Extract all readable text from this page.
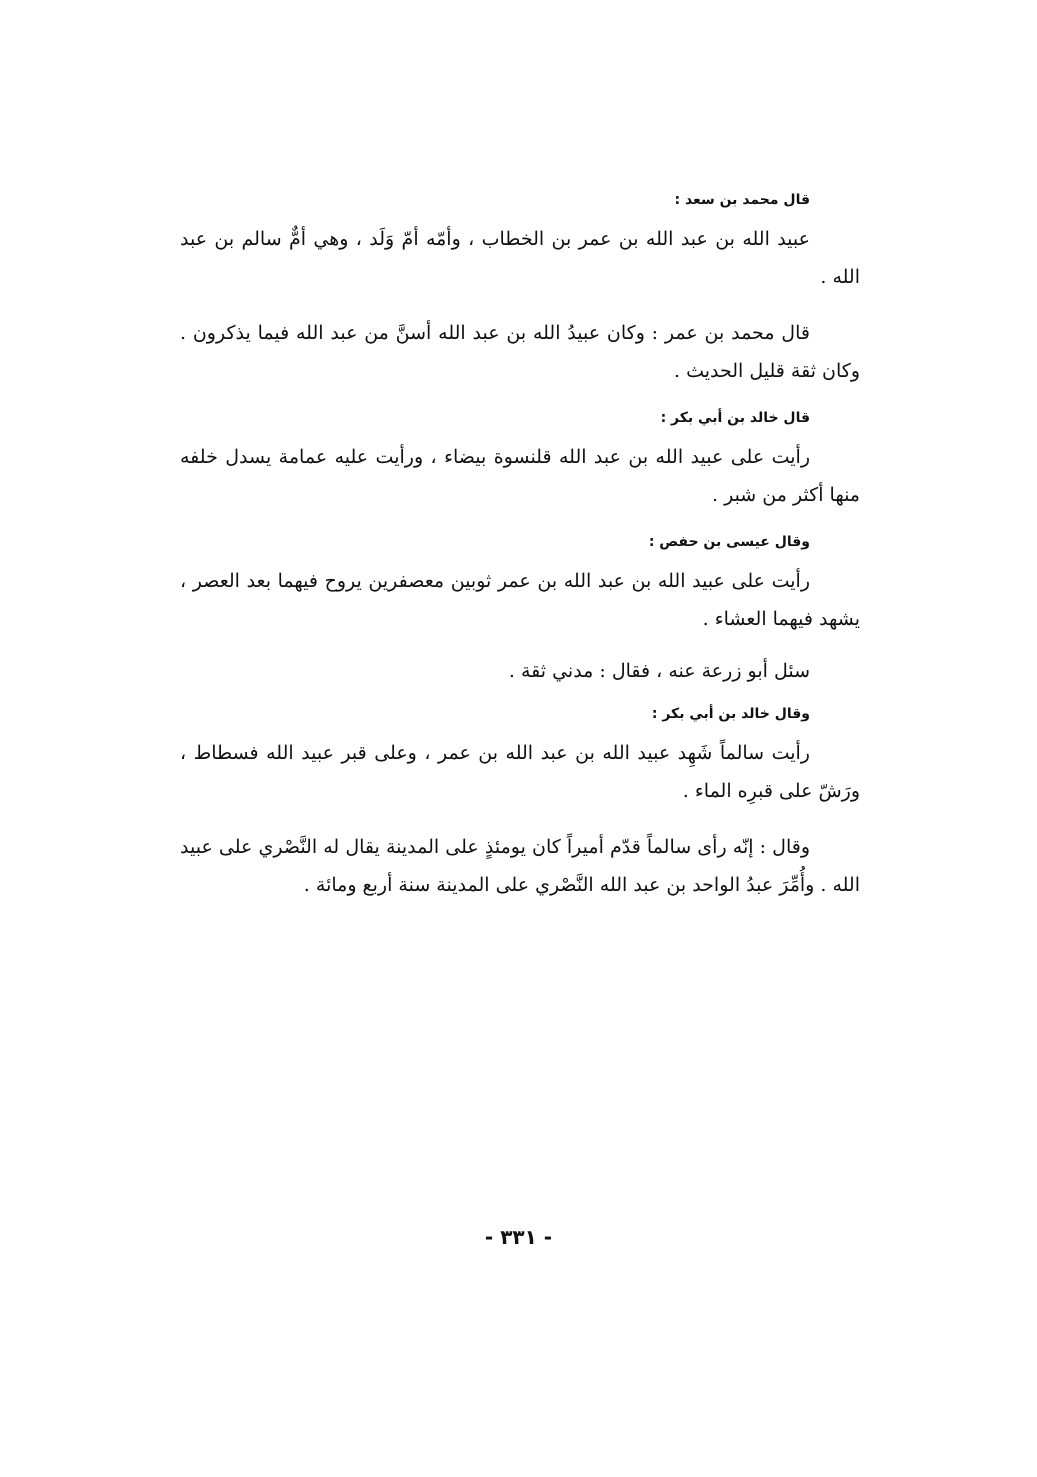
قال محمد بن سعد :

عبيد الله بن عبد الله بن عمر بن الخطاب ، وأمّه أمّ وَلَد ، وهي أمٌّ سالم بن عبد الله .

قال محمد بن عمر : وكان عبيدُ الله بن عبد الله أسنَّ من عبد الله فيما يذكرون . وكان ثقة قليل الحديث .

قال خالد بن أبي بكر :

رأيت على عبيد الله بن عبد الله قلنسوة بيضاء ، ورأيت عليه عمامة يسدل خلفه منها أكثر من شبر .

وقال عيسى بن حفص :

رأيت على عبيد الله بن عبد الله بن عمر ثوبين معصفرين يروح فيهما بعد العصر ، يشهد فيهما العشاء .

سئل أبو زرعة عنه ، فقال : مدني ثقة .

وقال خالد بن أبي بكر :

رأيت سالماً شَهِد عبيد الله بن عبد الله بن عمر ، وعلى قبر عبيد الله فسطاط ، ورَشّ على قبرِه الماء .

وقال : إنّه رأى سالماً قدّم أميراً كان يومئذٍ على المدينة يقال له النَّصْري على عبيد الله . وأُمِّرَ عبدُ الواحد بن عبد الله النَّصْري على المدينة سنة أربع ومائة .

- ٣٣١ -
